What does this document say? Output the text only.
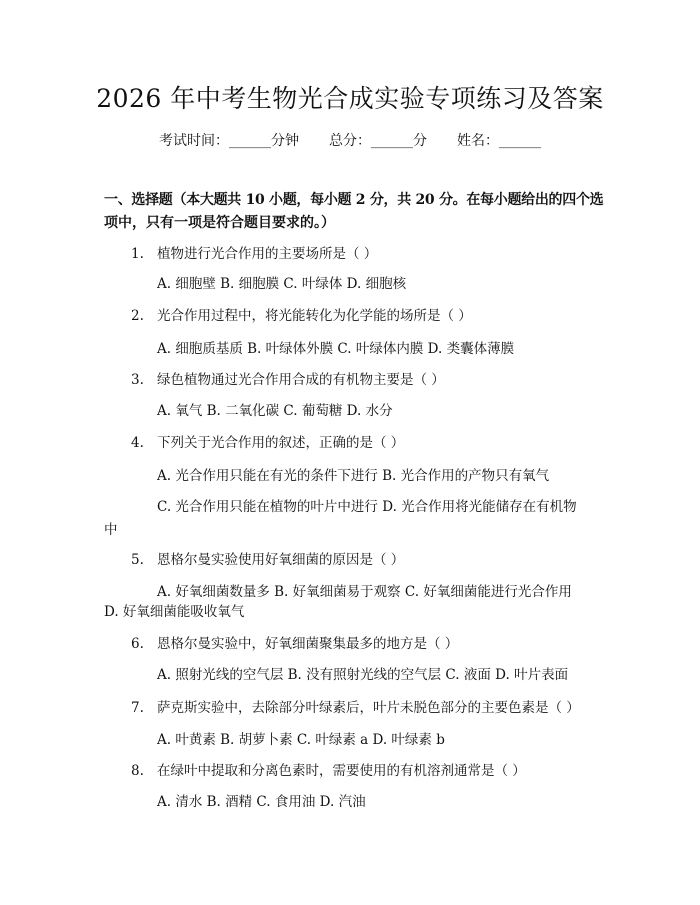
2026 年中考生物光合成实验专项练习及答案
考试时间：______分钟 总分：______分 姓名：______
一、选择题（本大题共 10 小题，每小题 2 分，共 20 分。在每小题给出的四个选
项中，只有一项是符合题目要求的。）
1. 植物进行光合作用的主要场所是（ ）
A. 细胞壁 B. 细胞膜 C. 叶绿体 D. 细胞核
2. 光合作用过程中，将光能转化为化学能的场所是（ ）
A. 细胞质基质 B. 叶绿体外膜 C. 叶绿体内膜 D. 类囊体薄膜
3. 绿色植物通过光合作用合成的有机物主要是（ ）
A. 氧气 B. 二氧化碳 C. 葡萄糖 D. 水分
4. 下列关于光合作用的叙述，正确的是（ ）
A. 光合作用只能在有光的条件下进行 B. 光合作用的产物只有氧气
C. 光合作用只能在植物的叶片中进行 D. 光合作用将光能储存在有机物
中
5. 恩格尔曼实验使用好氧细菌的原因是（ ）
A. 好氧细菌数量多 B. 好氧细菌易于观察 C. 好氧细菌能进行光合作用
D. 好氧细菌能吸收氧气
6. 恩格尔曼实验中，好氧细菌聚集最多的地方是（ ）
A. 照射光线的空气层 B. 没有照射光线的空气层 C. 液面 D. 叶片表面
7. 萨克斯实验中，去除部分叶绿素后，叶片未脱色部分的主要色素是（ ）
A. 叶黄素 B. 胡萝卜素 C. 叶绿素 a D. 叶绿素 b
8. 在绿叶中提取和分离色素时，需要使用的有机溶剂通常是（ ）
A. 清水 B. 酒精 C. 食用油 D. 汽油
